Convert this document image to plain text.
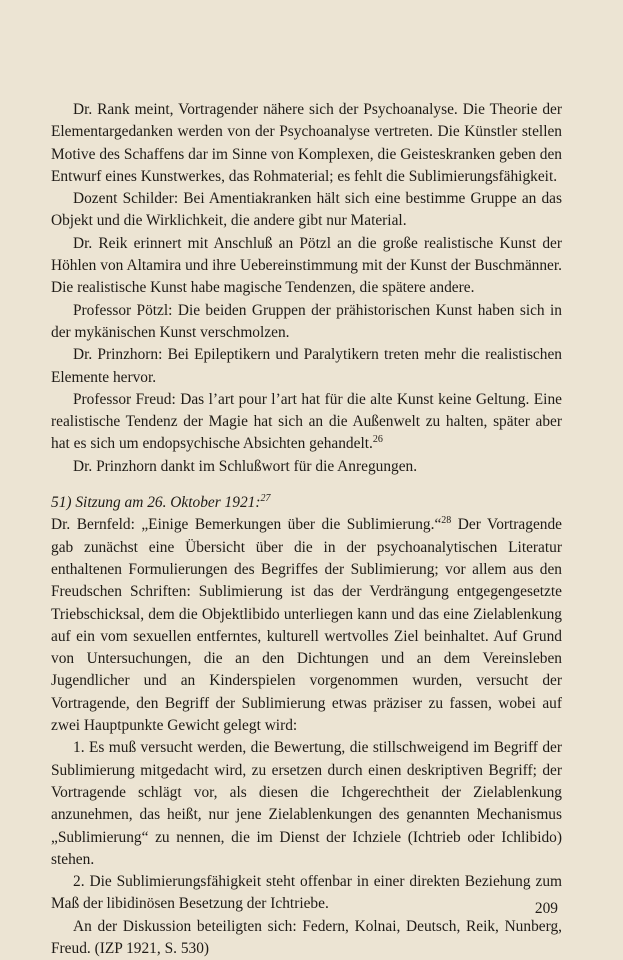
Dr. Rank meint, Vortragender nähere sich der Psychoanalyse. Die Theorie der Elementargedanken werden von der Psychoanalyse vertreten. Die Künstler stellen Motive des Schaffens dar im Sinne von Komplexen, die Geisteskranken geben den Entwurf eines Kunstwerkes, das Rohmaterial; es fehlt die Sublimierungsfähigkeit.

Dozent Schilder: Bei Amentiakranken hält sich eine bestimme Gruppe an das Objekt und die Wirklichkeit, die andere gibt nur Material.

Dr. Reik erinnert mit Anschluß an Pötzl an die große realistische Kunst der Höhlen von Altamira und ihre Uebereinstimmung mit der Kunst der Buschmänner. Die realistische Kunst habe magische Tendenzen, die spätere andere.

Professor Pötzl: Die beiden Gruppen der prähistorischen Kunst haben sich in der mykänischen Kunst verschmolzen.

Dr. Prinzhorn: Bei Epileptikern und Paralytikern treten mehr die realistischen Elemente hervor.

Professor Freud: Das l’art pour l’art hat für die alte Kunst keine Geltung. Eine realistische Tendenz der Magie hat sich an die Außenwelt zu halten, später aber hat es sich um endopsychische Absichten gehandelt.$^{26}$

Dr. Prinzhorn dankt im Schlußwort für die Anregungen.

51) Sitzung am 26. Oktober 1921:$^{27}$

Dr. Bernfeld: „Einige Bemerkungen über die Sublimierung.“$^{28}$ Der Vortragende gab zunächst eine Übersicht über die in der psychoanalytischen Literatur enthaltenen Formulierungen des Begriffes der Sublimierung; vor allem aus den Freudschen Schriften: Sublimierung ist das der Verdrängung entgegengesetzte Triebschicksal, dem die Objektlibido unterliegen kann und das eine Zielablenkung auf ein vom sexuellen entferntes, kulturell wertvolles Ziel beinhaltet. Auf Grund von Untersuchungen, die an den Dichtungen und an dem Vereinsleben Jugendlicher und an Kinderspielen vorgenommen wurden, versucht der Vortragende, den Begriff der Sublimierung etwas präziser zu fassen, wobei auf zwei Hauptpunkte Gewicht gelegt wird:

1. Es muß versucht werden, die Bewertung, die stillschweigend im Begriff der Sublimierung mitgedacht wird, zu ersetzen durch einen deskriptiven Begriff; der Vortragende schlägt vor, als diesen die Ichgerechtheit der Zielablenkung anzunehmen, das heißt, nur jene Zielablenkungen des genannten Mechanismus „Sublimierung“ zu nennen, die im Dienst der Ichziele (Ichtrieb oder Ichlibido) stehen.

2. Die Sublimierungsfähigkeit steht offenbar in einer direkten Beziehung zum Maß der libidinösen Besetzung der Ichtriebe.

An der Diskussion beteiligten sich: Federn, Kolnai, Deutsch, Reik, Nunberg, Freud. (IZP 1921, S. 530)

209
